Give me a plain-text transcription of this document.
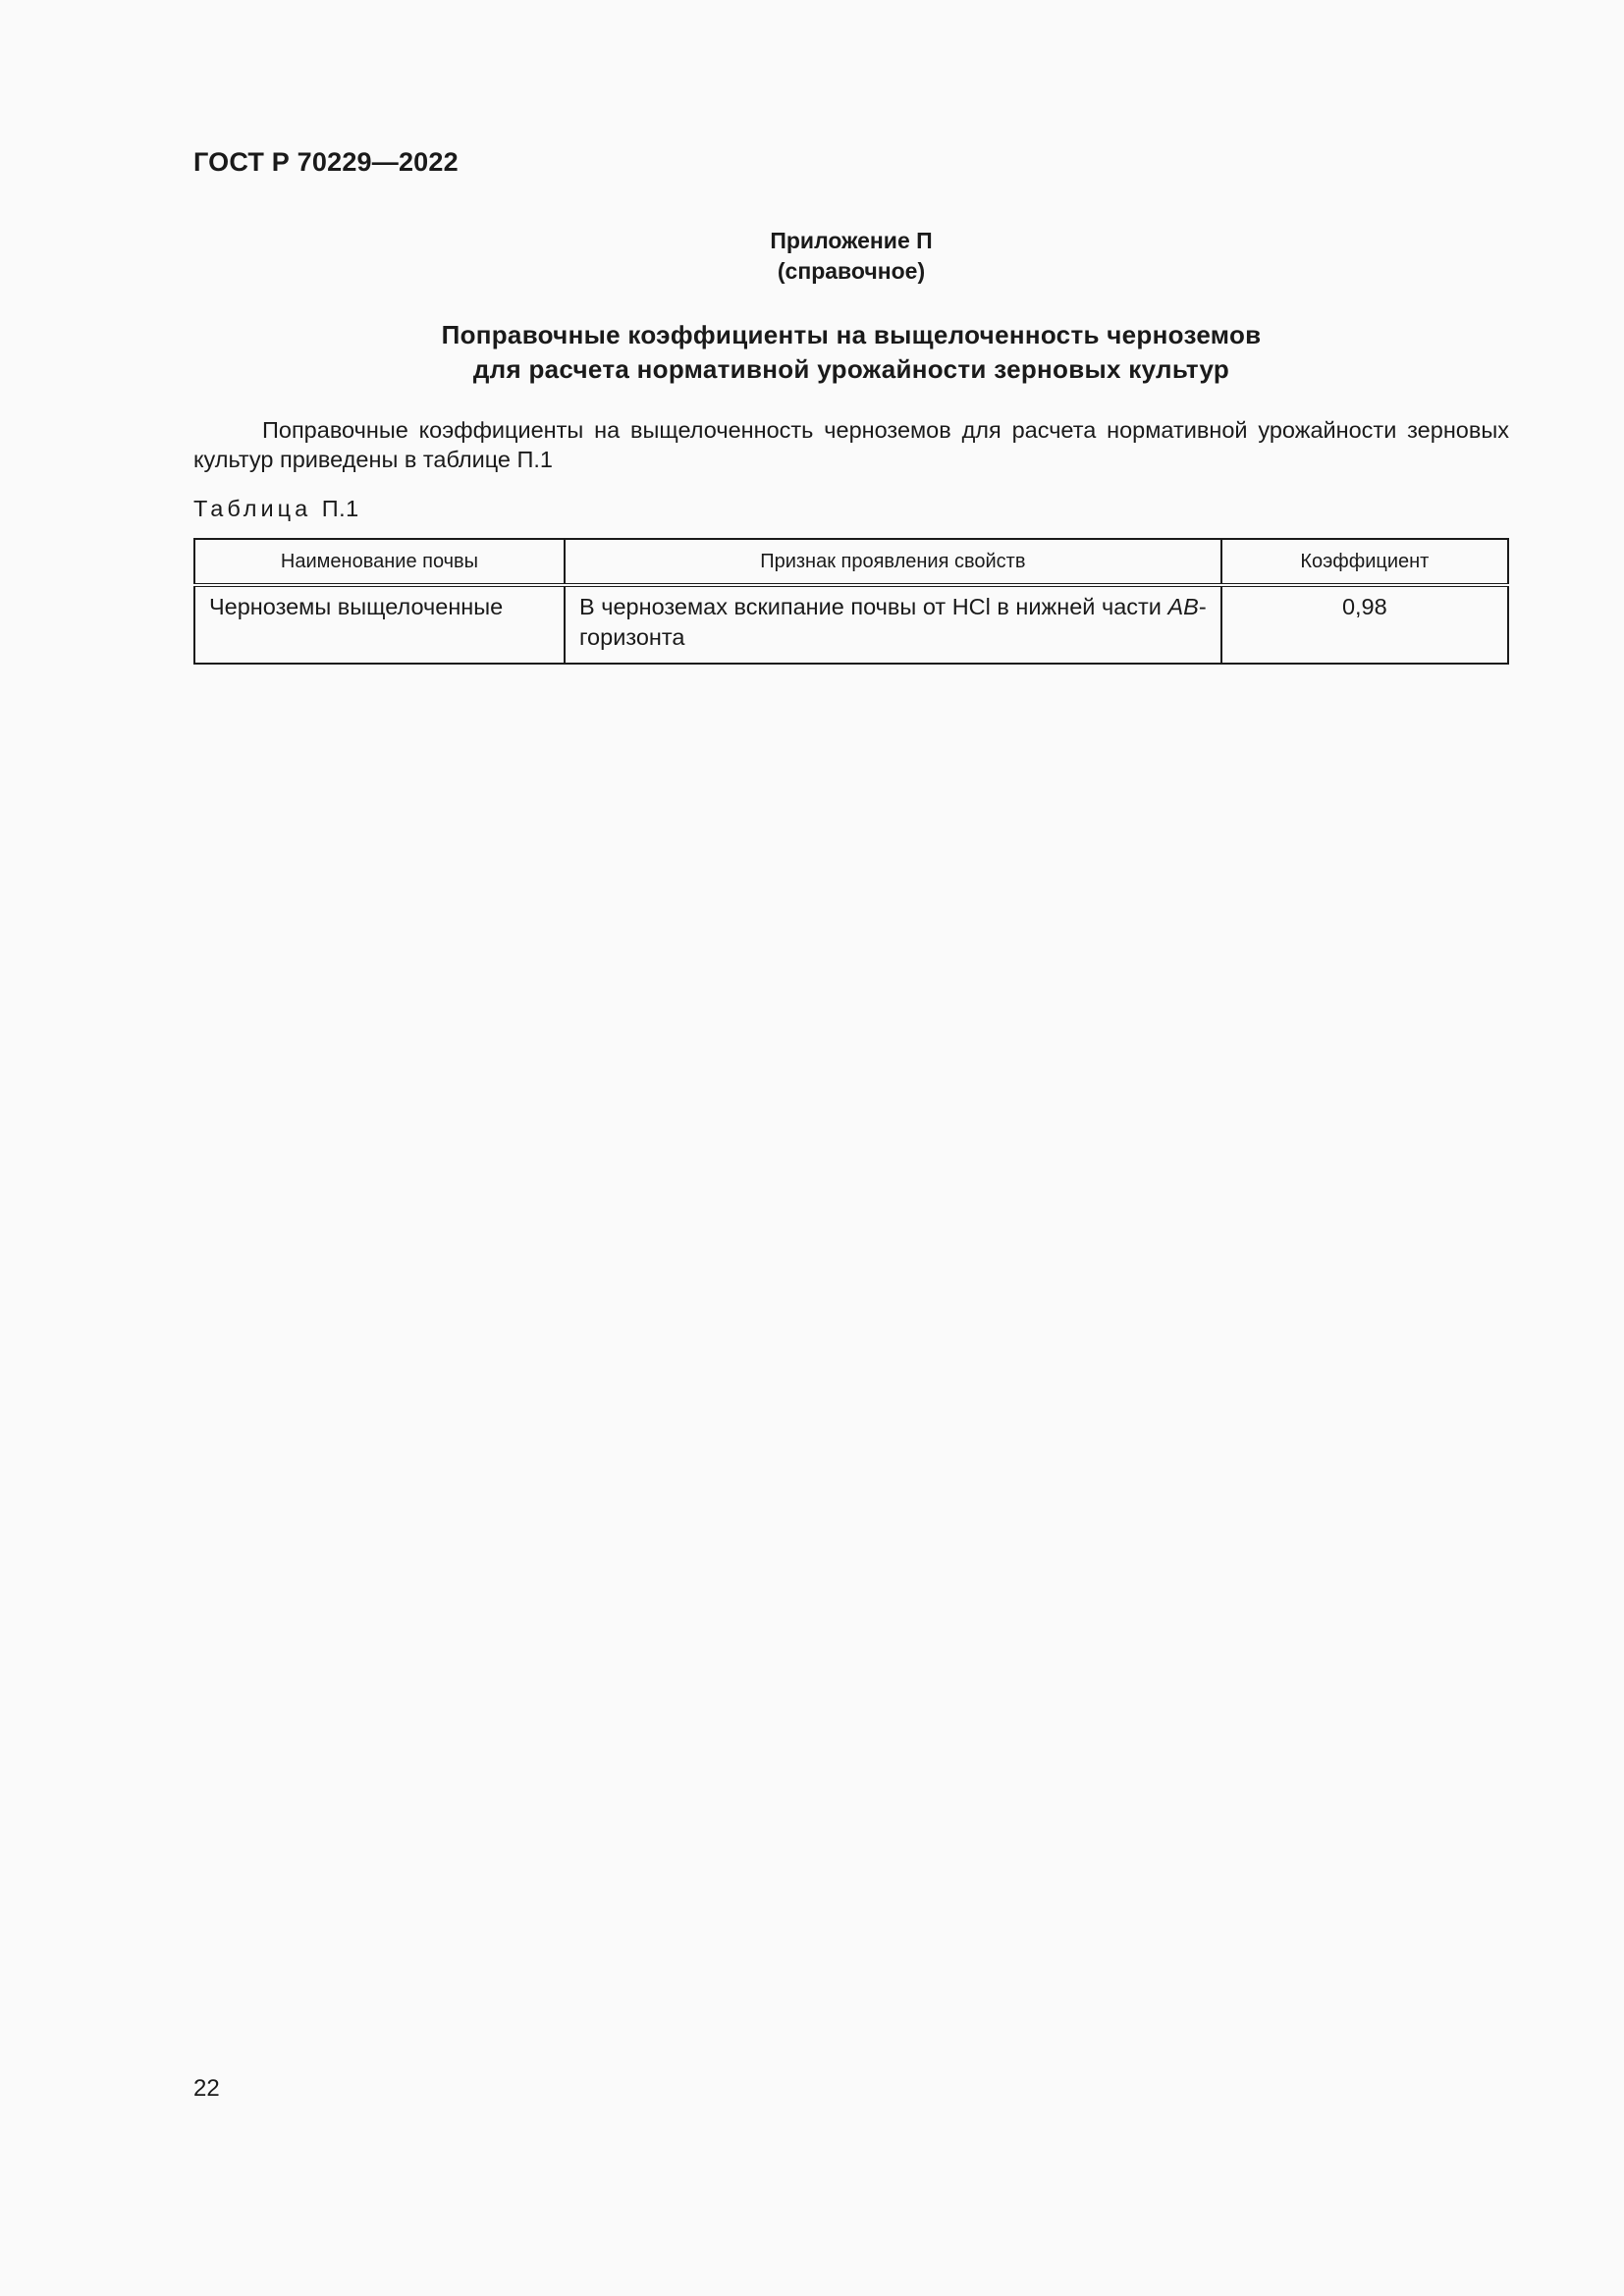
ГОСТ Р 70229—2022
Приложение П
(справочное)
Поправочные коэффициенты на выщелоченность черноземов
для расчета нормативной урожайности зерновых культур
Поправочные коэффициенты на выщелоченность черноземов для расчета нормативной урожайности зерновых культур приведены в таблице П.1
Таблица П.1
Наименование почвы	Признак проявления свойств	Коэффициент
Черноземы выщелоченные	В черноземах вскипание почвы от HCl в нижней части AB-горизонта	0,98
22
